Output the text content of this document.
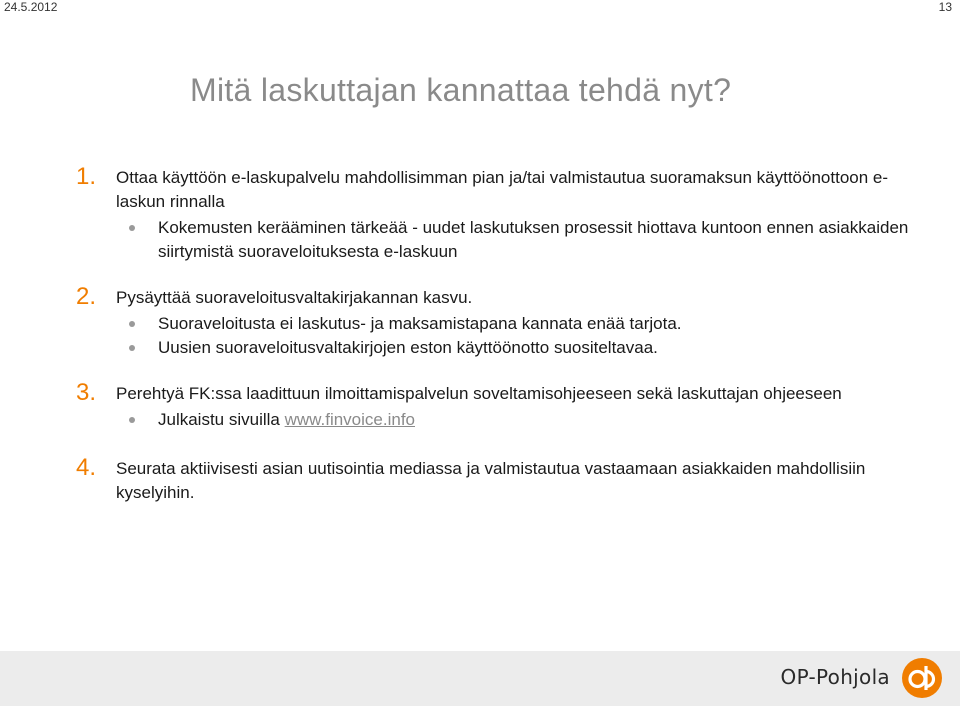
24.5.2012	13
Mitä laskuttajan kannattaa tehdä nyt?
1. Ottaa käyttöön e-laskupalvelu mahdollisimman pian ja/tai valmistautua suoramaksun käyttöönottoon e-laskun rinnalla
Kokemusten kerääminen tärkeää - uudet laskutuksen prosessit hiottava kuntoon ennen asiakkaiden siirtymistä suoraveloituksesta e-laskuun
2. Pysäyttää suoraveloitusvaltakirjakannan kasvu.
Suoraveloitusta ei laskutus- ja maksamistapana kannata enää tarjota.
Uusien suoraveloitusvaltakirjojen eston käyttöönotto suositeltavaa.
3. Perehtyä FK:ssa laadittuun ilmoittamispalvelun soveltamisohjeeseen sekä laskuttajan ohjeeseen
Julkaistu sivuilla www.finvoice.info
4. Seurata aktiivisesti asian uutisointia mediassa ja valmistautua vastaamaan asiakkaiden mahdollisiin kyselyihin.
OP-Pohjola
